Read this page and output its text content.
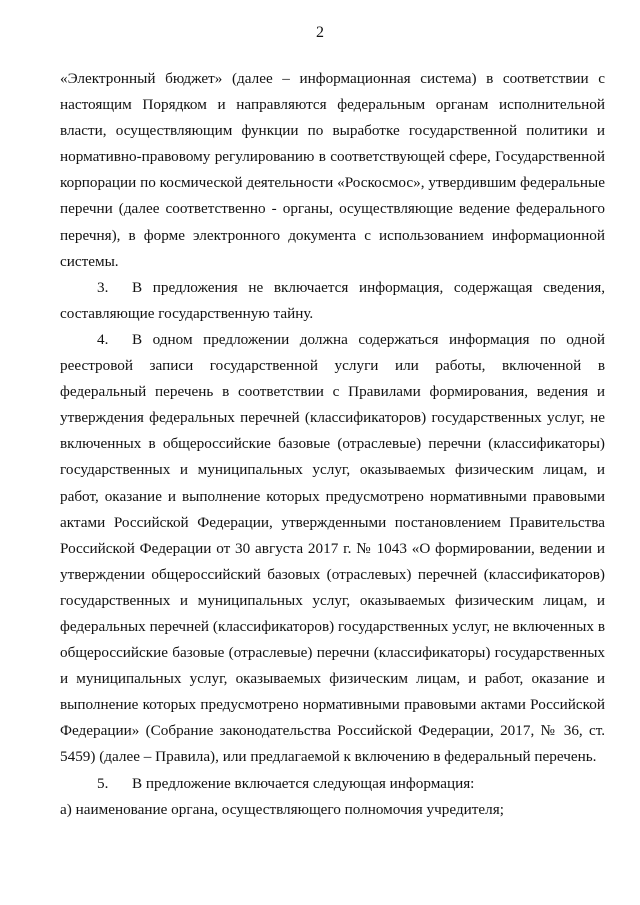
2

«Электронный бюджет» (далее – информационная система) в соответствии с настоящим Порядком и направляются федеральным органам исполнительной власти, осуществляющим функции по выработке государственной политики и нормативно-правовому регулированию в соответствующей сфере, Государственной корпорации по космической деятельности «Роскосмос», утвердившим федеральные перечни (далее соответственно - органы, осуществляющие ведение федерального перечня), в форме электронного документа с использованием информационной системы.

3. В предложения не включается информация, содержащая сведения, составляющие государственную тайну.

4. В одном предложении должна содержаться информация по одной реестровой записи государственной услуги или работы, включенной в федеральный перечень в соответствии с Правилами формирования, ведения и утверждения федеральных перечней (классификаторов) государственных услуг, не включенных в общероссийские базовые (отраслевые) перечни (классификаторы) государственных и муниципальных услуг, оказываемых физическим лицам, и работ, оказание и выполнение которых предусмотрено нормативными правовыми актами Российской Федерации, утвержденными постановлением Правительства Российской Федерации от 30 августа 2017 г. № 1043 «О формировании, ведении и утверждении общероссийский базовых (отраслевых) перечней (классификаторов) государственных и муниципальных услуг, оказываемых физическим лицам, и федеральных перечней (классификаторов) государственных услуг, не включенных в общероссийские базовые (отраслевые) перечни (классификаторы) государственных и муниципальных услуг, оказываемых физическим лицам, и работ, оказание и выполнение которых предусмотрено нормативными правовыми актами Российской Федерации» (Собрание законодательства Российской Федерации, 2017, № 36, ст. 5459) (далее – Правила), или предлагаемой к включению в федеральный перечень.

5. В предложение включается следующая информация:

а) наименование органа, осуществляющего полномочия учредителя;
